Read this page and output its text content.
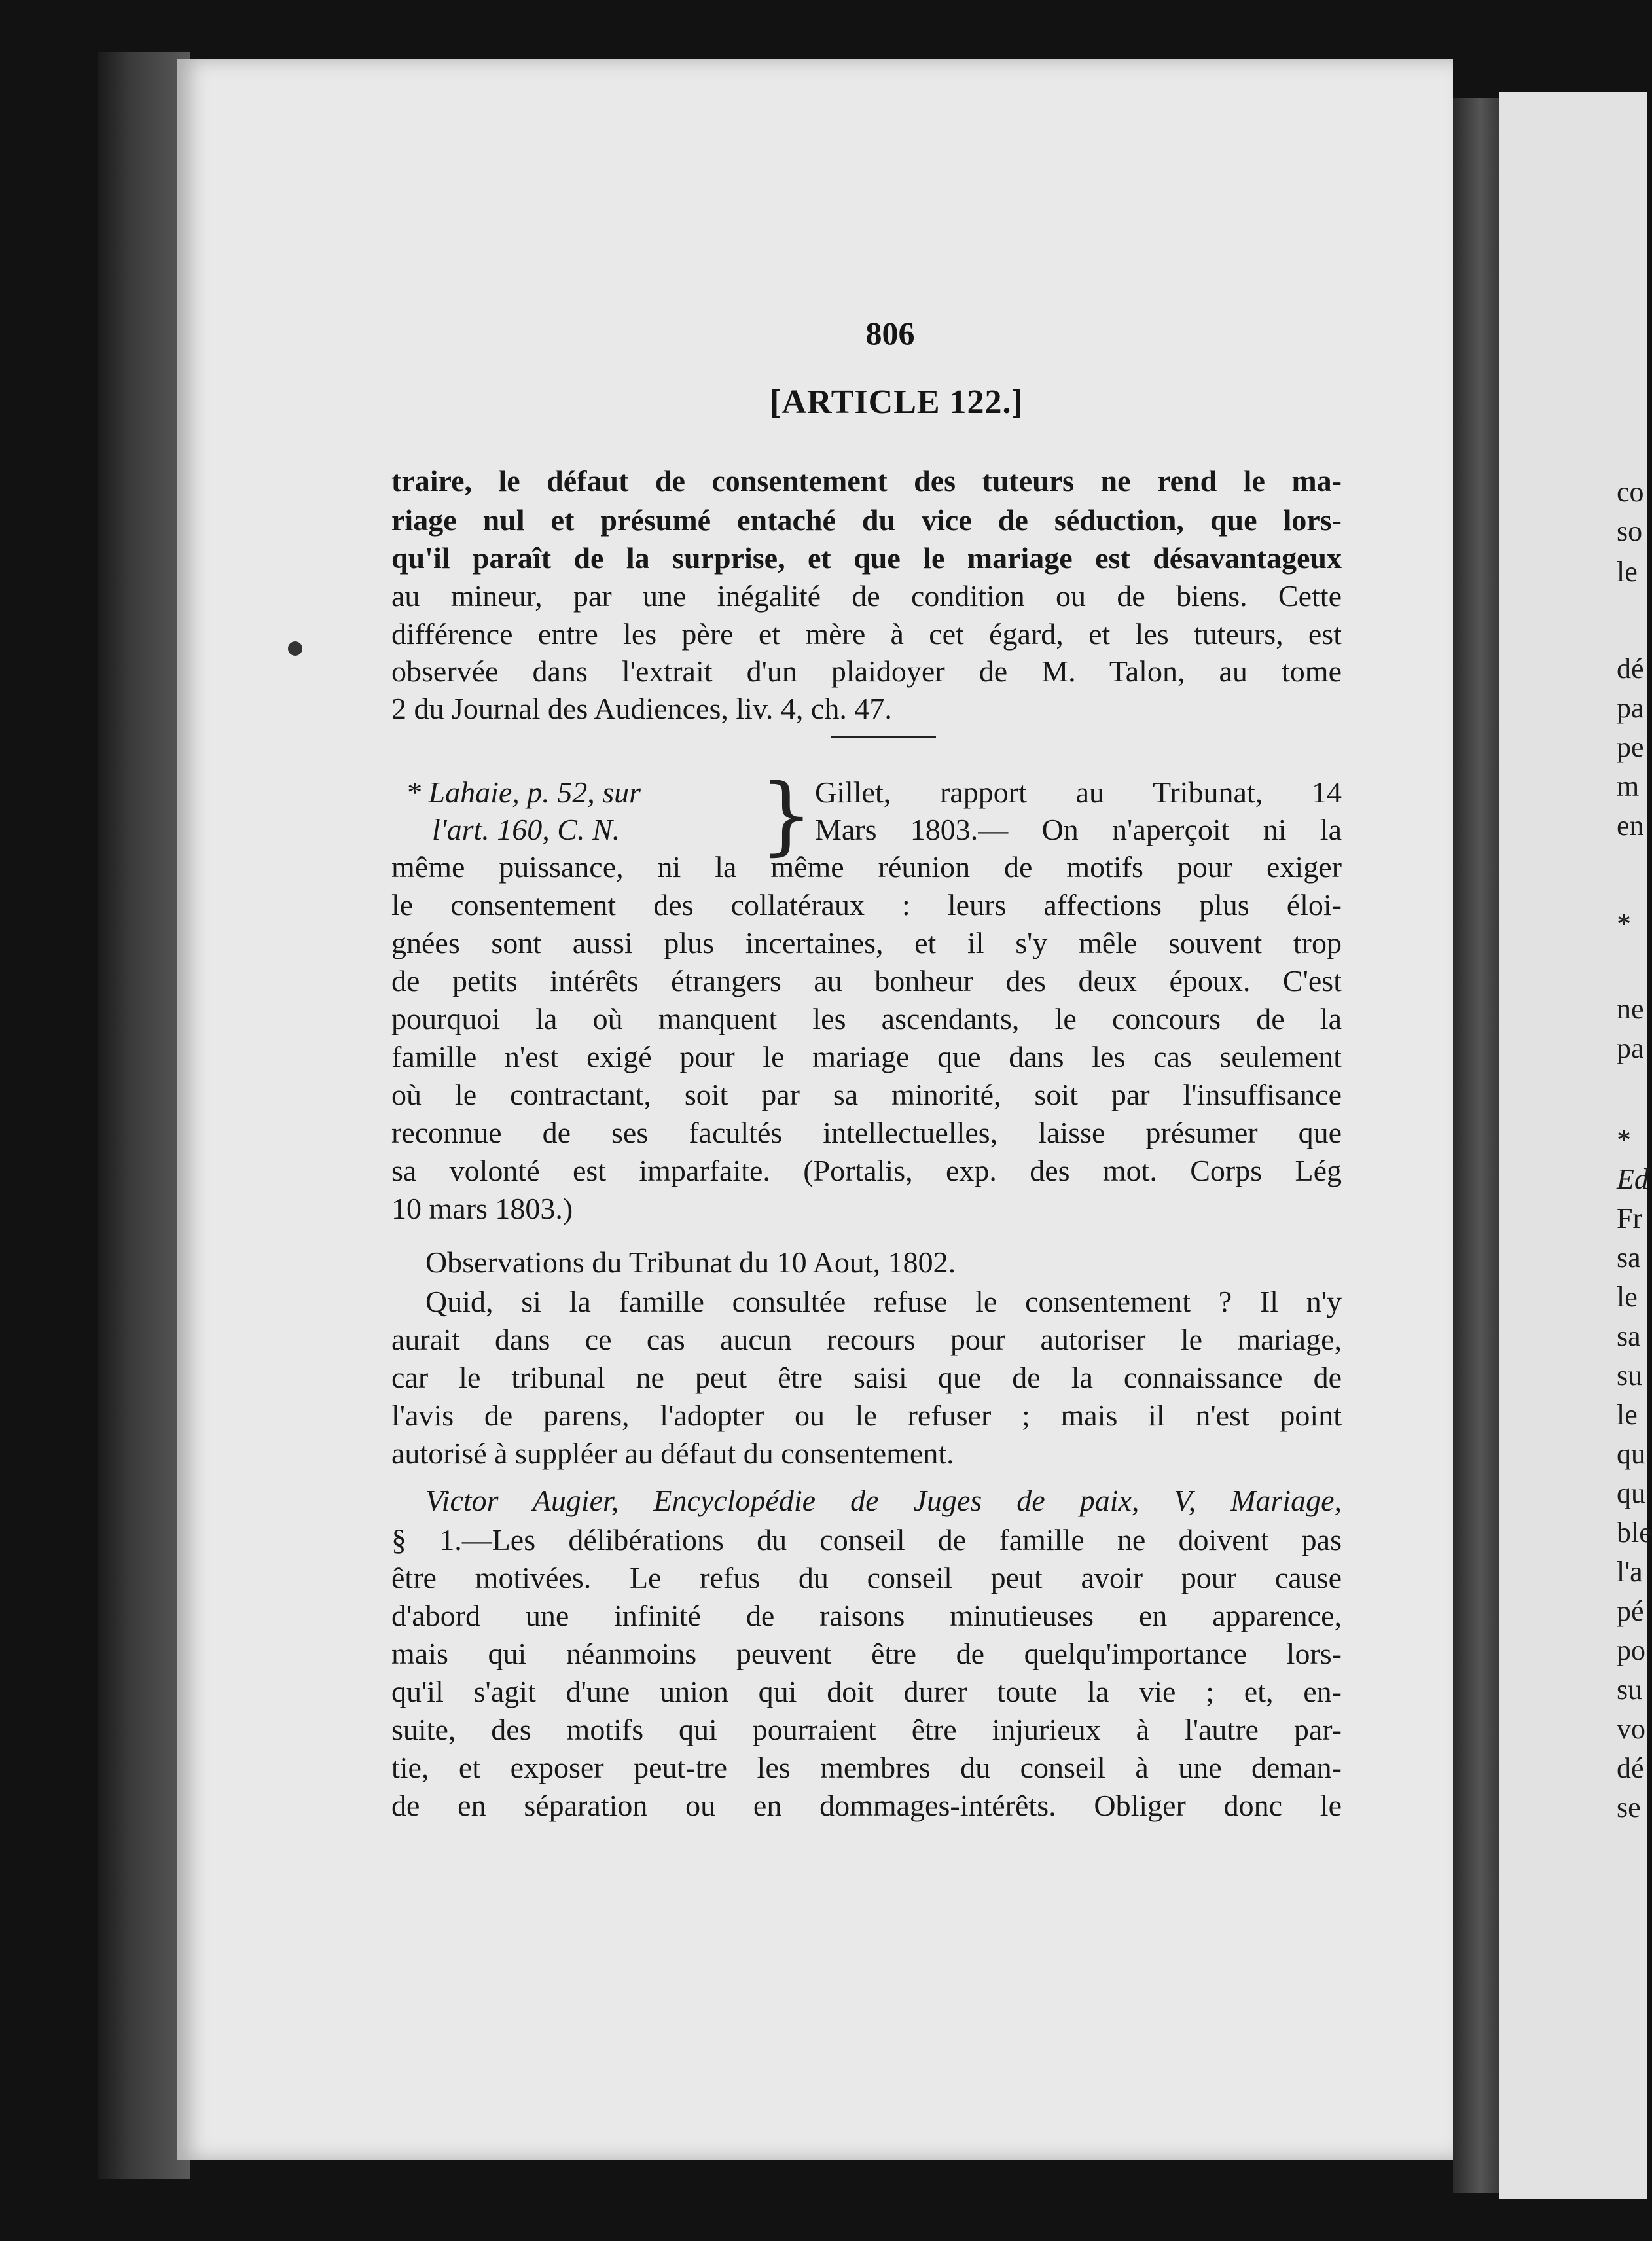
co
so
le
dé
pa
pe
m
en
*
ne
pa
*
Ed
Fr
sa
le
sa
su
le
qu
qu
ble
l'a
pé
po
su
vo
dé
se
806
[ARTICLE 122.]
traire, le défaut de consentement des tuteurs ne rend le ma-
riage nul et présumé entaché du vice de séduction, que lors-
qu'il paraît de la surprise, et que le mariage est désavantageux
au mineur, par une inégalité de condition ou de biens. Cette
différence entre les père et mère à cet égard, et les tuteurs, est
observée dans l'extrait d'un plaidoyer de M. Talon, au tome
2 du Journal des Audiences, liv. 4, ch. 47.
* Lahaie, p. 52, sur
l'art. 160, C. N.	} Gillet, rapport au Tribunat, 14
Mars 1803.— On n'aperçoit ni la
même puissance, ni la même réunion de motifs pour exiger
le consentement des collatéraux : leurs affections plus éloi-
gnées sont aussi plus incertaines, et il s'y mêle souvent trop
de petits intérêts étrangers au bonheur des deux époux. C'est
pourquoi la où manquent les ascendants, le concours de la
famille n'est exigé pour le mariage que dans les cas seulement
où le contractant, soit par sa minorité, soit par l'insuffisance
reconnue de ses facultés intellectuelles, laisse présumer que
sa volonté est imparfaite. (Portalis, exp. des mot. Corps Lég
10 mars 1803.)
Observations du Tribunat du 10 Aout, 1802.
Quid, si la famille consultée refuse le consentement ? Il n'y
aurait dans ce cas aucun recours pour autoriser le mariage,
car le tribunal ne peut être saisi que de la connaissance de
l'avis de parens, l'adopter ou le refuser ; mais il n'est point
autorisé à suppléer au défaut du consentement.
Victor Augier, Encyclopédie de Juges de paix, V, Mariage,
§ 1.—Les délibérations du conseil de famille ne doivent pas
être motivées. Le refus du conseil peut avoir pour cause
d'abord une infinité de raisons minutieuses en apparence,
mais qui néanmoins peuvent être de quelqu'importance lors-
qu'il s'agit d'une union qui doit durer toute la vie ; et, en-
suite, des motifs qui pourraient être injurieux à l'autre par-
tie, et exposer peut-tre les membres du conseil à une deman-
de en séparation ou en dommages-intérêts. Obliger donc le
